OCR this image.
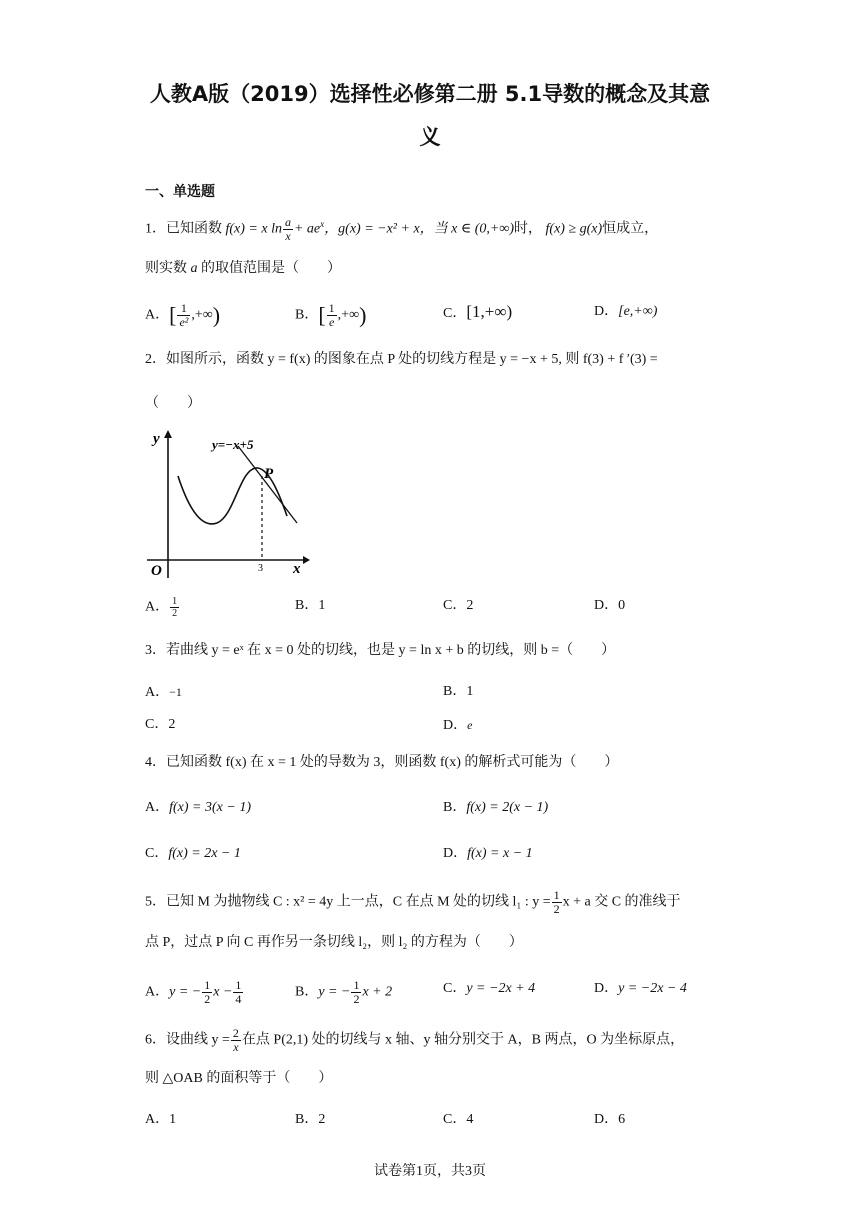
人教A版（2019）选择性必修第二册 5.1导数的概念及其意
义
一、单选题
1．已知函数 f(x) = x $\ln \frac{a}{x} + ae^x$，g(x) = −x² + x，当 x ∈ (0,+∞)时， f(x) ≥ g(x)恒成立，
则实数 a 的取值范围是（　　）
A．[ $\frac{1}{\text{e²}}$ ,+∞)	B．[ $\frac{1}{e}$ ,+∞)	C．[1,+∞)	D．[e,+∞)
2．如图所示，函数 y = f(x) 的图象在点 P 处的切线方程是 y = −x + 5, 则 f(3) + f ′(3) =
（　　）
y	y=−x+5
P
O	3 x
A． $\frac{1}{2}$	B．1	C．2	D．0
3．若曲线 y = eˣ 在 x = 0 处的切线，也是 y = ln x + b 的切线，则 b =（　　）
A．−1	B．1
C．2	D．e
4．已知函数 f(x) 在 x = 1 处的导数为 3，则函数 f(x) 的解析式可能为（　　）
A．f(x) = 3(x − 1)	B．f(x) = 2(x − 1)
C．f(x) = 2x − 1	D．f(x) = x − 1
5．已知 M 为抛物线 C : x² = 4y 上一点，C 在点 M 处的切线 l₁ : $y = \frac{1}{2}$ x + a 交 C 的准线于
点 P，过点 P 向 C 再作另一条切线 l₂，则 l₂ 的方程为（　　）
A．y = − $\frac{1}{2}$ $x - \frac{1}{4}$	B．y = − $\frac{1}{2}$ x + 2	C．y = −2x + 4	D．y = −2x − 4
6．设曲线 $y = \frac{2}{x}$ 在点 P(2,1) 处的切线与 x 轴、y 轴分别交于 A，B 两点，O 为坐标原点，
则 △OAB 的面积等于（　　）
A．1	B．2	C．4	D．6
试卷第1页，共3页
